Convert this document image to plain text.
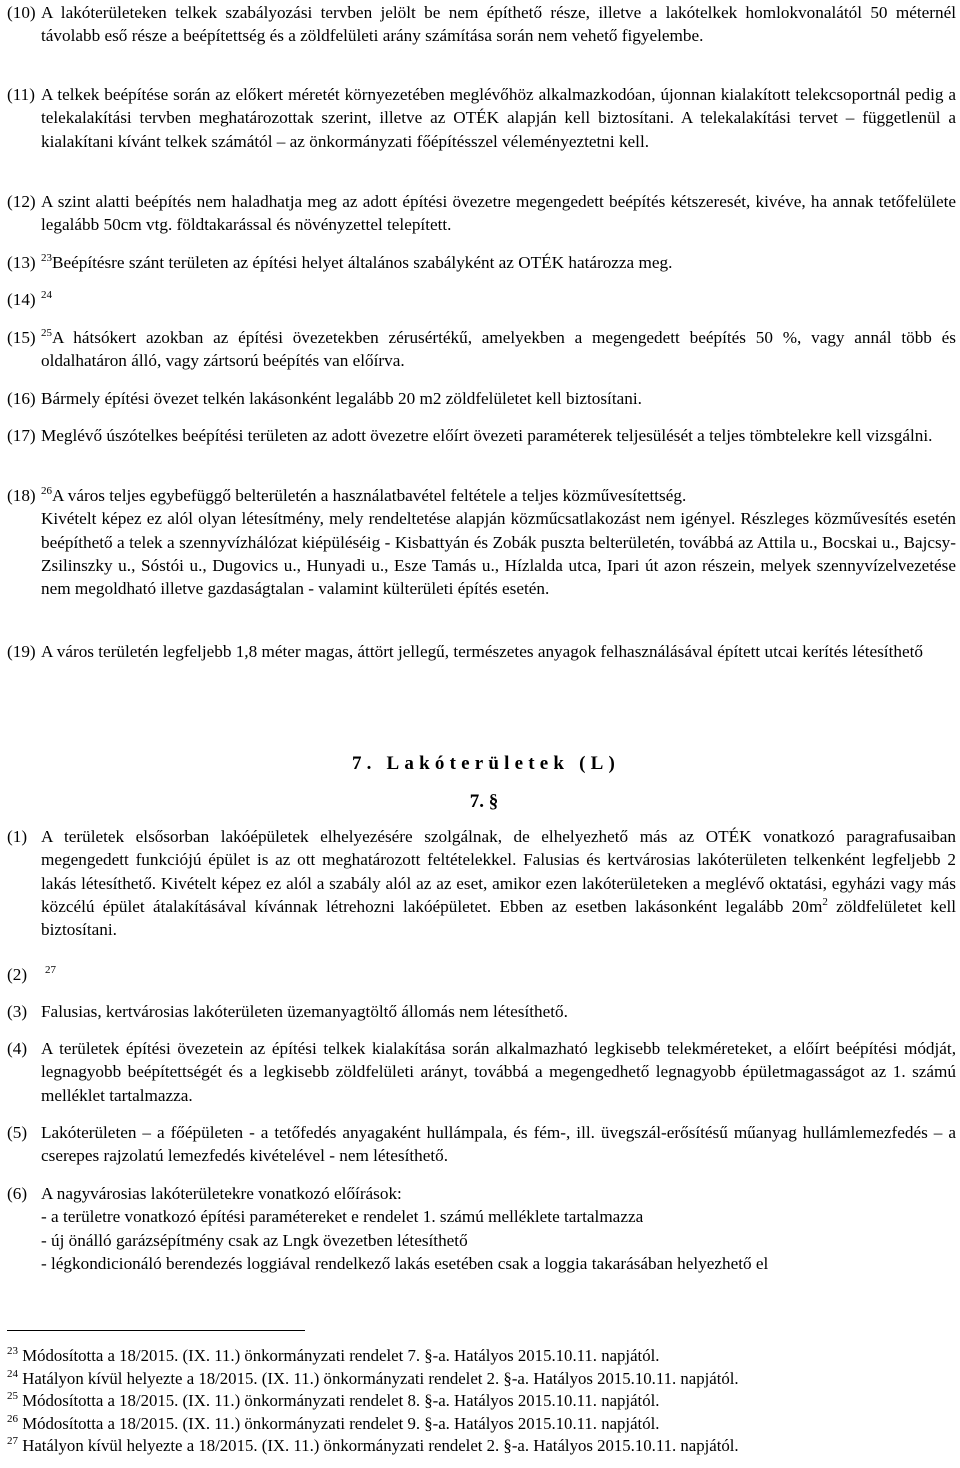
(10) A lakóterületeken telkek szabályozási tervben jelölt be nem építhető része, illetve a lakótelkek homlokvonalától 50 méternél távolabb eső része a beépítettség és a zöldfelületi arány számítása során nem vehető figyelembe.
(11) A telkek beépítése során az előkert méretét környezetében meglévőhöz alkalmazkodóan, újonnan kialakított telekcsoportnál pedig a telekalakítási tervben meghatározottak szerint, illetve az OTÉK alapján kell biztosítani. A telekalakítási tervet – függetlenül a kialakítani kívánt telkek számától – az önkormányzati főépítésszel véleményeztetni kell.
(12) A szint alatti beépítés nem haladhatja meg az adott építési övezetre megengedett beépítés kétszeresét, kivéve, ha annak tetőfelülete legalább 50cm vtg. földtakarással és növényzettel telepített.
(13) $^{23}$Beépítésre szánt területen az építési helyet általános szabályként az OTÉK határozza meg.
(14) $^{24}$
(15) $^{25}$A hátsókert azokban az építési övezetekben zérusértékű, amelyekben a megengedett beépítés 50 %, vagy annál több és oldalhatáron álló, vagy zártsorú beépítés van előírva.
(16) Bármely építési övezet telkén lakásonként legalább 20 m2 zöldfelületet kell biztosítani.
(17) Meglévő úszótelkes beépítési területen az adott övezetre előírt övezeti paraméterek teljesülését a teljes tömbtelekre kell vizsgálni.
(18) $^{26}$A város teljes egybefüggő belterületén a használatbavétel feltétele a teljes közművesítettség.
Kivételt képez ez alól olyan létesítmény, mely rendeltetése alapján közműcsatlakozást nem igényel. Részleges közművesítés esetén beépíthető a telek a szennyvízhálózat kiépüléséig - Kisbattyán és Zobák puszta belterületén, továbbá az Attila u., Bocskai u., Bajcsy-Zsilinszky u., Sóstói u., Dugovics u., Hunyadi u., Esze Tamás u., Hízlalda utca, Ipari út azon részein, melyek szennyvízelvezetése nem megoldható illetve gazdaságtalan - valamint külterületi építés esetén.
(19) A város területén legfeljebb 1,8 méter magas, áttört jellegű, természetes anyagok felhasználásával épített utcai kerítés létesíthető
7. Lakóterületek (L)
7. §
(1) A területek elsősorban lakóépületek elhelyezésére szolgálnak, de elhelyezhető más az OTÉK vonatkozó paragrafusaiban megengedett funkciójú épület is az ott meghatározott feltételekkel. Falusias és kertvárosias lakóterületen telkenként legfeljebb 2 lakás létesíthető. Kivételt képez ez alól a szabály alól az az eset, amikor ezen lakóterületeken a meglévő oktatási, egyházi vagy más közcélú épület átalakításával kívánnak létrehozni lakóépületet. Ebben az esetben lakásonként legalább $20m^2$ zöldfelületet kell biztosítani.
(2) $^{27}$
(3) Falusias, kertvárosias lakóterületen üzemanyagtöltő állomás nem létesíthető.
(4) A területek építési övezetein az építési telkek kialakítása során alkalmazható legkisebb telekméreteket, a előírt beépítési módját, legnagyobb beépítettségét és a legkisebb zöldfelületi arányt, továbbá a megengedhető legnagyobb épületmagasságot az 1. számú melléklet tartalmazza.
(5) Lakóterületen – a főépületen - a tetőfedés anyagaként hullámpala, és fém-, ill. üvegszál-erősítésű műanyag hullámlemezfedés – a cserepes rajzolatú lemezfedés kivételével - nem létesíthető.
(6) A nagyvárosias lakóterületekre vonatkozó előírások:
- a területre vonatkozó építési paramétereket e rendelet 1. számú melléklete tartalmazza
- új önálló garázsépítmény csak az Lngk övezetben létesíthető
- légkondicionáló berendezés loggiával rendelkező lakás esetében csak a loggia takarásában helyezhető el
$^{23}$ Módosította a 18/2015. (IX. 11.) önkormányzati rendelet 7. §-a. Hatályos 2015.10.11. napjától.
$^{24}$ Hatályon kívül helyezte a 18/2015. (IX. 11.) önkormányzati rendelet 2. §-a. Hatályos 2015.10.11. napjától.
$^{25}$ Módosította a 18/2015. (IX. 11.) önkormányzati rendelet 8. §-a. Hatályos 2015.10.11. napjától.
$^{26}$ Módosította a 18/2015. (IX. 11.) önkormányzati rendelet 9. §-a. Hatályos 2015.10.11. napjától.
$^{27}$ Hatályon kívül helyezte a 18/2015. (IX. 11.) önkormányzati rendelet 2. §-a. Hatályos 2015.10.11. napjától.
